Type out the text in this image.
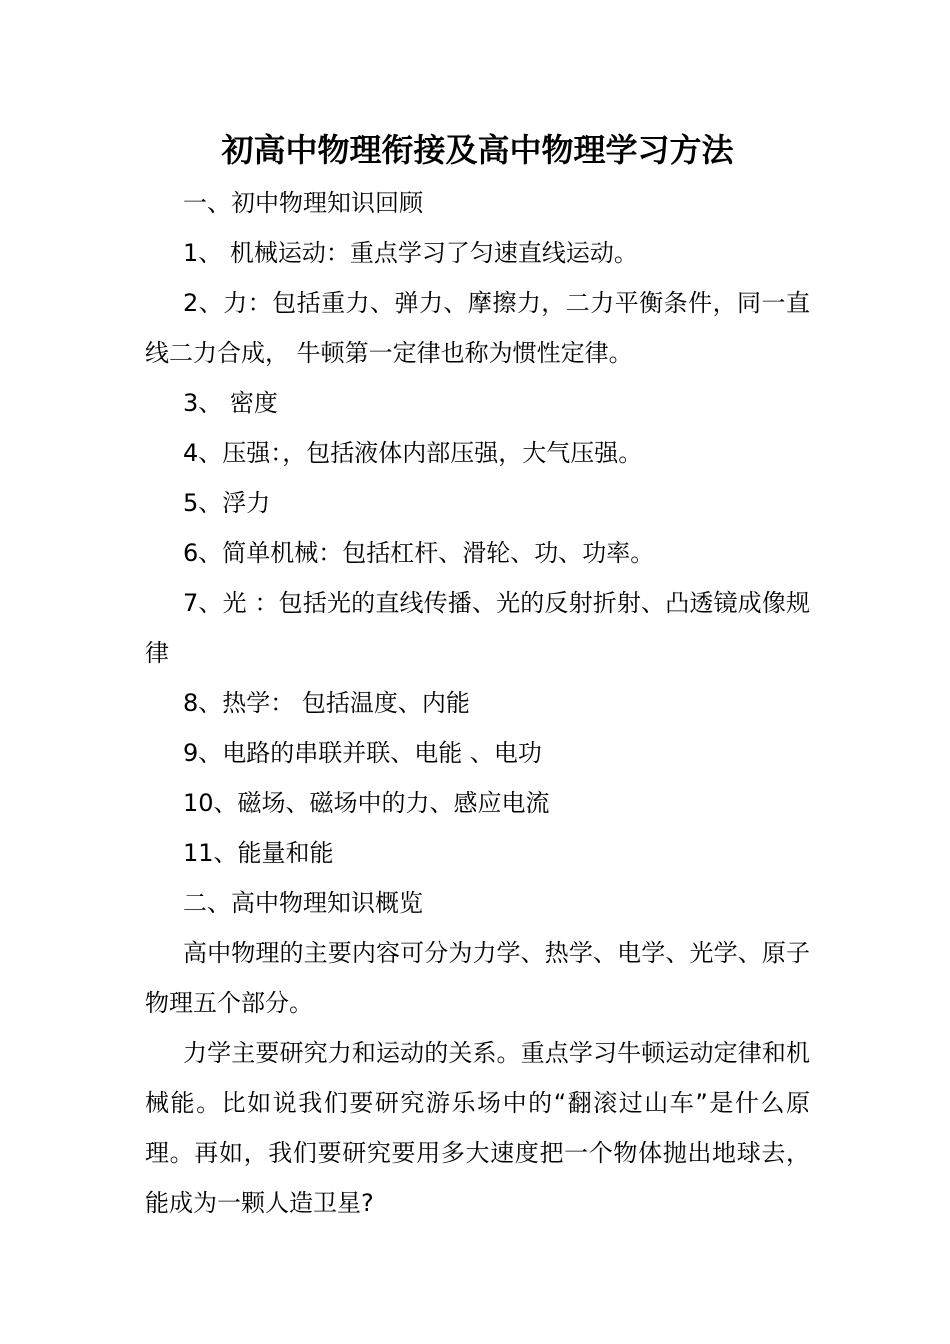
初高中物理衔接及高中物理学习方法

一、初中物理知识回顾

1、 机械运动：重点学习了匀速直线运动。

2、力：包括重力、弹力、摩擦力，二力平衡条件，同一直线二力合成， 牛顿第一定律也称为惯性定律。

3、 密度

4、压强：，包括液体内部压强，大气压强。

5、浮力

6、简单机械：包括杠杆、滑轮、功、功率。

7、光 ：包括光的直线传播、光的反射折射、凸透镜成像规律

8、热学： 包括温度、内能

9、电路的串联并联、电能 、电功

10、磁场、磁场中的力、感应电流

11、能量和能

二、高中物理知识概览

高中物理的主要内容可分为力学、热学、电学、光学、原子物理五个部分。

力学主要研究力和运动的关系。重点学习牛顿运动定律和机械能。比如说我们要研究游乐场中的“翻滚过山车”是什么原理。再如，我们要研究要用多大速度把一个物体抛出地球去，能成为一颗人造卫星?
